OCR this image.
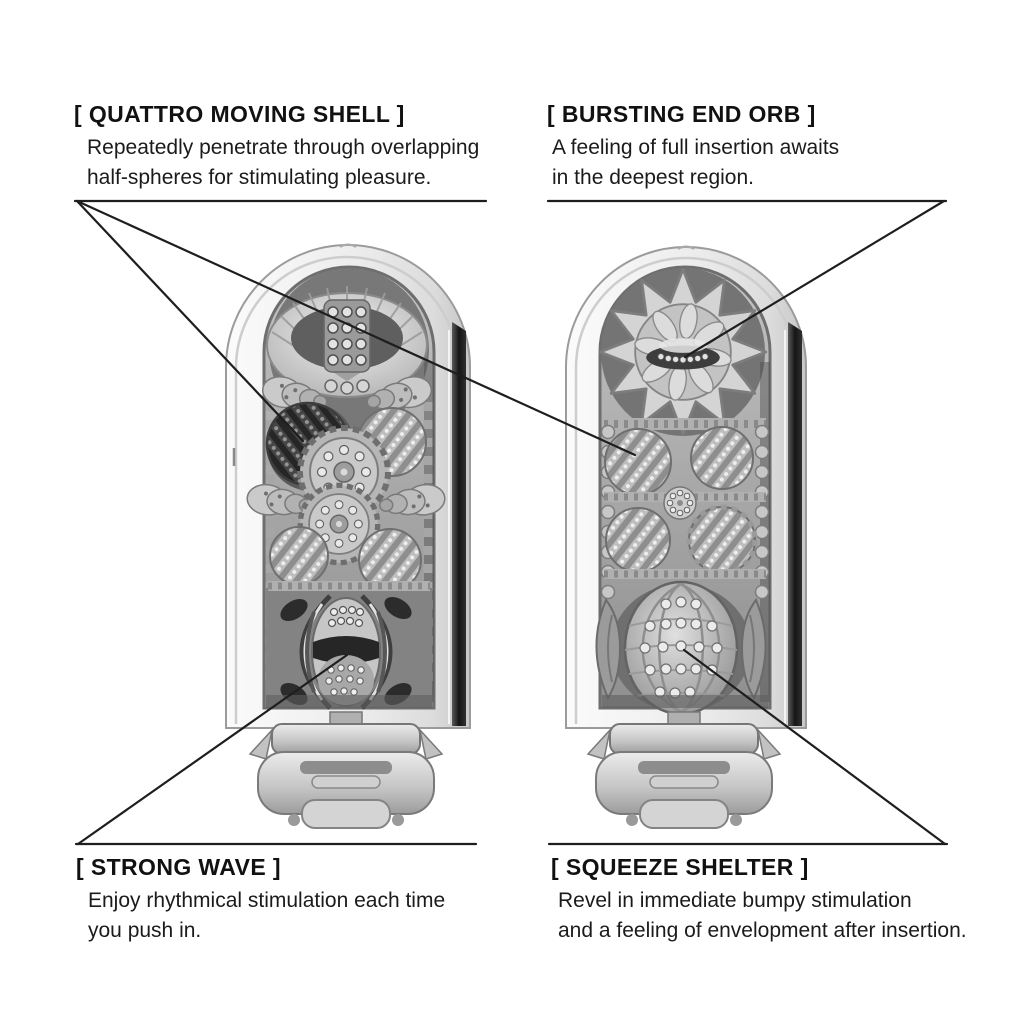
[ QUATTRO MOVING SHELL ]
Repeatedly penetrate through overlapping
half-spheres for stimulating pleasure.
[ BURSTING END ORB ]
A feeling of full insertion awaits
in the deepest region.
[ STRONG WAVE ]
Enjoy rhythmical stimulation each time
you push in.
[ SQUEEZE SHELTER ]
Revel in immediate bumpy stimulation
and a feeling of envelopment after insertion.
